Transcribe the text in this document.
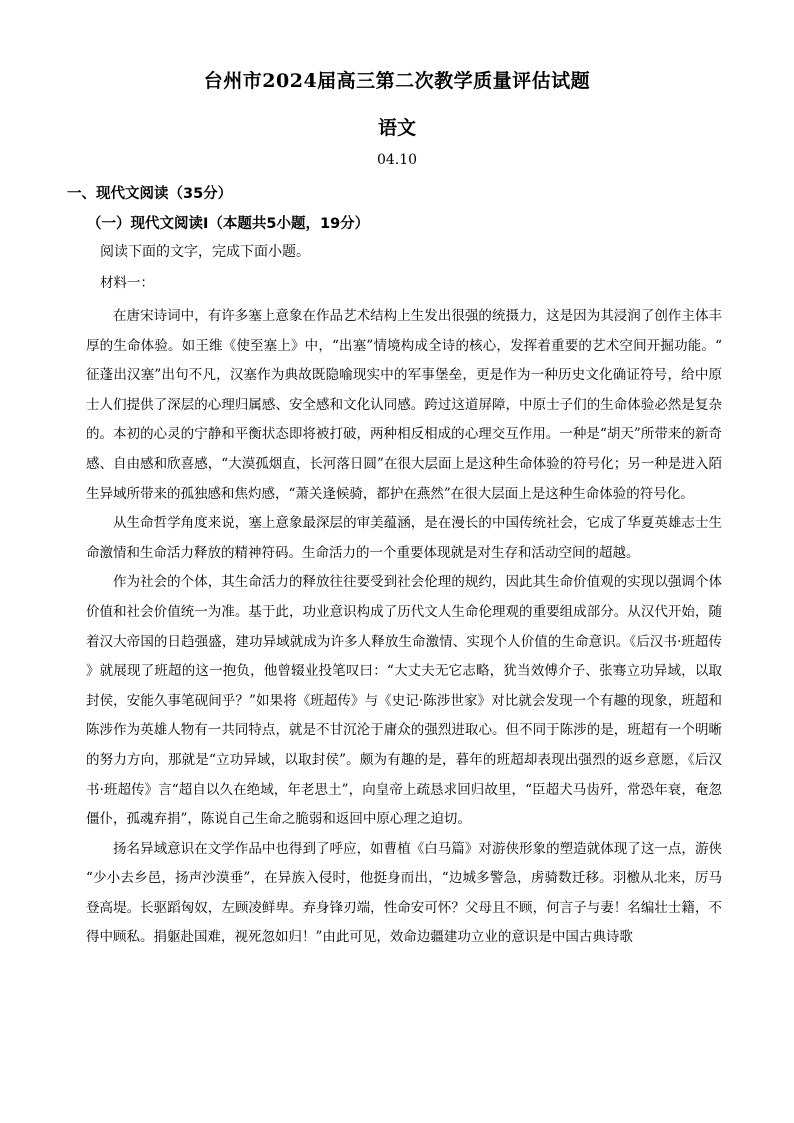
台州市2024届高三第二次教学质量评估试题
语文
04.10
一、现代文阅读（35分）
（一）现代文阅读Ⅰ（本题共5小题，19分）
阅读下面的文字，完成下面小题。
材料一：

在唐宋诗词中，有许多塞上意象在作品艺术结构上生发出很强的统摄力，这是因为其浸润了创作主体丰厚的生命体验。如王维《使至塞上》中，“出塞”情境构成全诗的核心，发挥着重要的艺术空间开掘功能。“征蓬出汉塞”出句不凡，汉塞作为典故既隐喻现实中的军事堡垒，更是作为一种历史文化确证符号，给中原士人们提供了深层的心理归属感、安全感和文化认同感。跨过这道屏障，中原士子们的生命体验必然是复杂的。本初的心灵的宁静和平衡状态即将被打破，两种相反相成的心理交互作用。一种是“胡天”所带来的新奇感、自由感和欣喜感，“大漠孤烟直，长河落日圆”在很大层面上是这种生命体验的符号化；另一种是进入陌生异域所带来的孤独感和焦灼感，“萧关逢候骑，都护在燕然”在很大层面上是这种生命体验的符号化。

从生命哲学角度来说，塞上意象最深层的审美蕴涵，是在漫长的中国传统社会，它成了华夏英雄志士生命激情和生命活力释放的精神符码。生命活力的一个重要体现就是对生存和活动空间的超越。

作为社会的个体，其生命活力的释放往往要受到社会伦理的规约，因此其生命价值观的实现以强调个体价值和社会价值统一为准。基于此，功业意识构成了历代文人生命伦理观的重要组成部分。从汉代开始，随着汉大帝国的日趋强盛，建功异域就成为许多人释放生命激情、实现个人价值的生命意识。《后汉书·班超传》就展现了班超的这一抱负，他曾辍业投笔叹曰：“大丈夫无它志略，犹当效傅介子、张骞立功异域，以取封侯，安能久事笔砚间乎？”如果将《班超传》与《史记·陈涉世家》对比就会发现一个有趣的现象，班超和陈涉作为英雄人物有一共同特点，就是不甘沉沦于庸众的强烈进取心。但不同于陈涉的是，班超有一个明晰的努力方向，那就是“立功异域，以取封侯”。颇为有趣的是，暮年的班超却表现出强烈的返乡意愿，《后汉书·班超传》言“超自以久在绝域，年老思土”，向皇帝上疏恳求回归故里，“臣超犬马齿歼，常恐年衰，奄忽僵仆，孤魂弃捐”，陈说自己生命之脆弱和返回中原心理之迫切。

扬名异域意识在文学作品中也得到了呼应，如曹植《白马篇》对游侠形象的塑造就体现了这一点，游侠“少小去乡邑，扬声沙漠垂”，在异族入侵时，他挺身而出，“边城多警急，虏骑数迁移。羽檄从北来，厉马登高堤。长驱蹈匈奴，左顾凌鲜卑。弃身锋刃端，性命安可怀？父母且不顾，何言子与妻！名编壮士籍，不得中顾私。捐躯赴国难，视死忽如归！”由此可见，效命边疆建功立业的意识是中国古典诗歌
